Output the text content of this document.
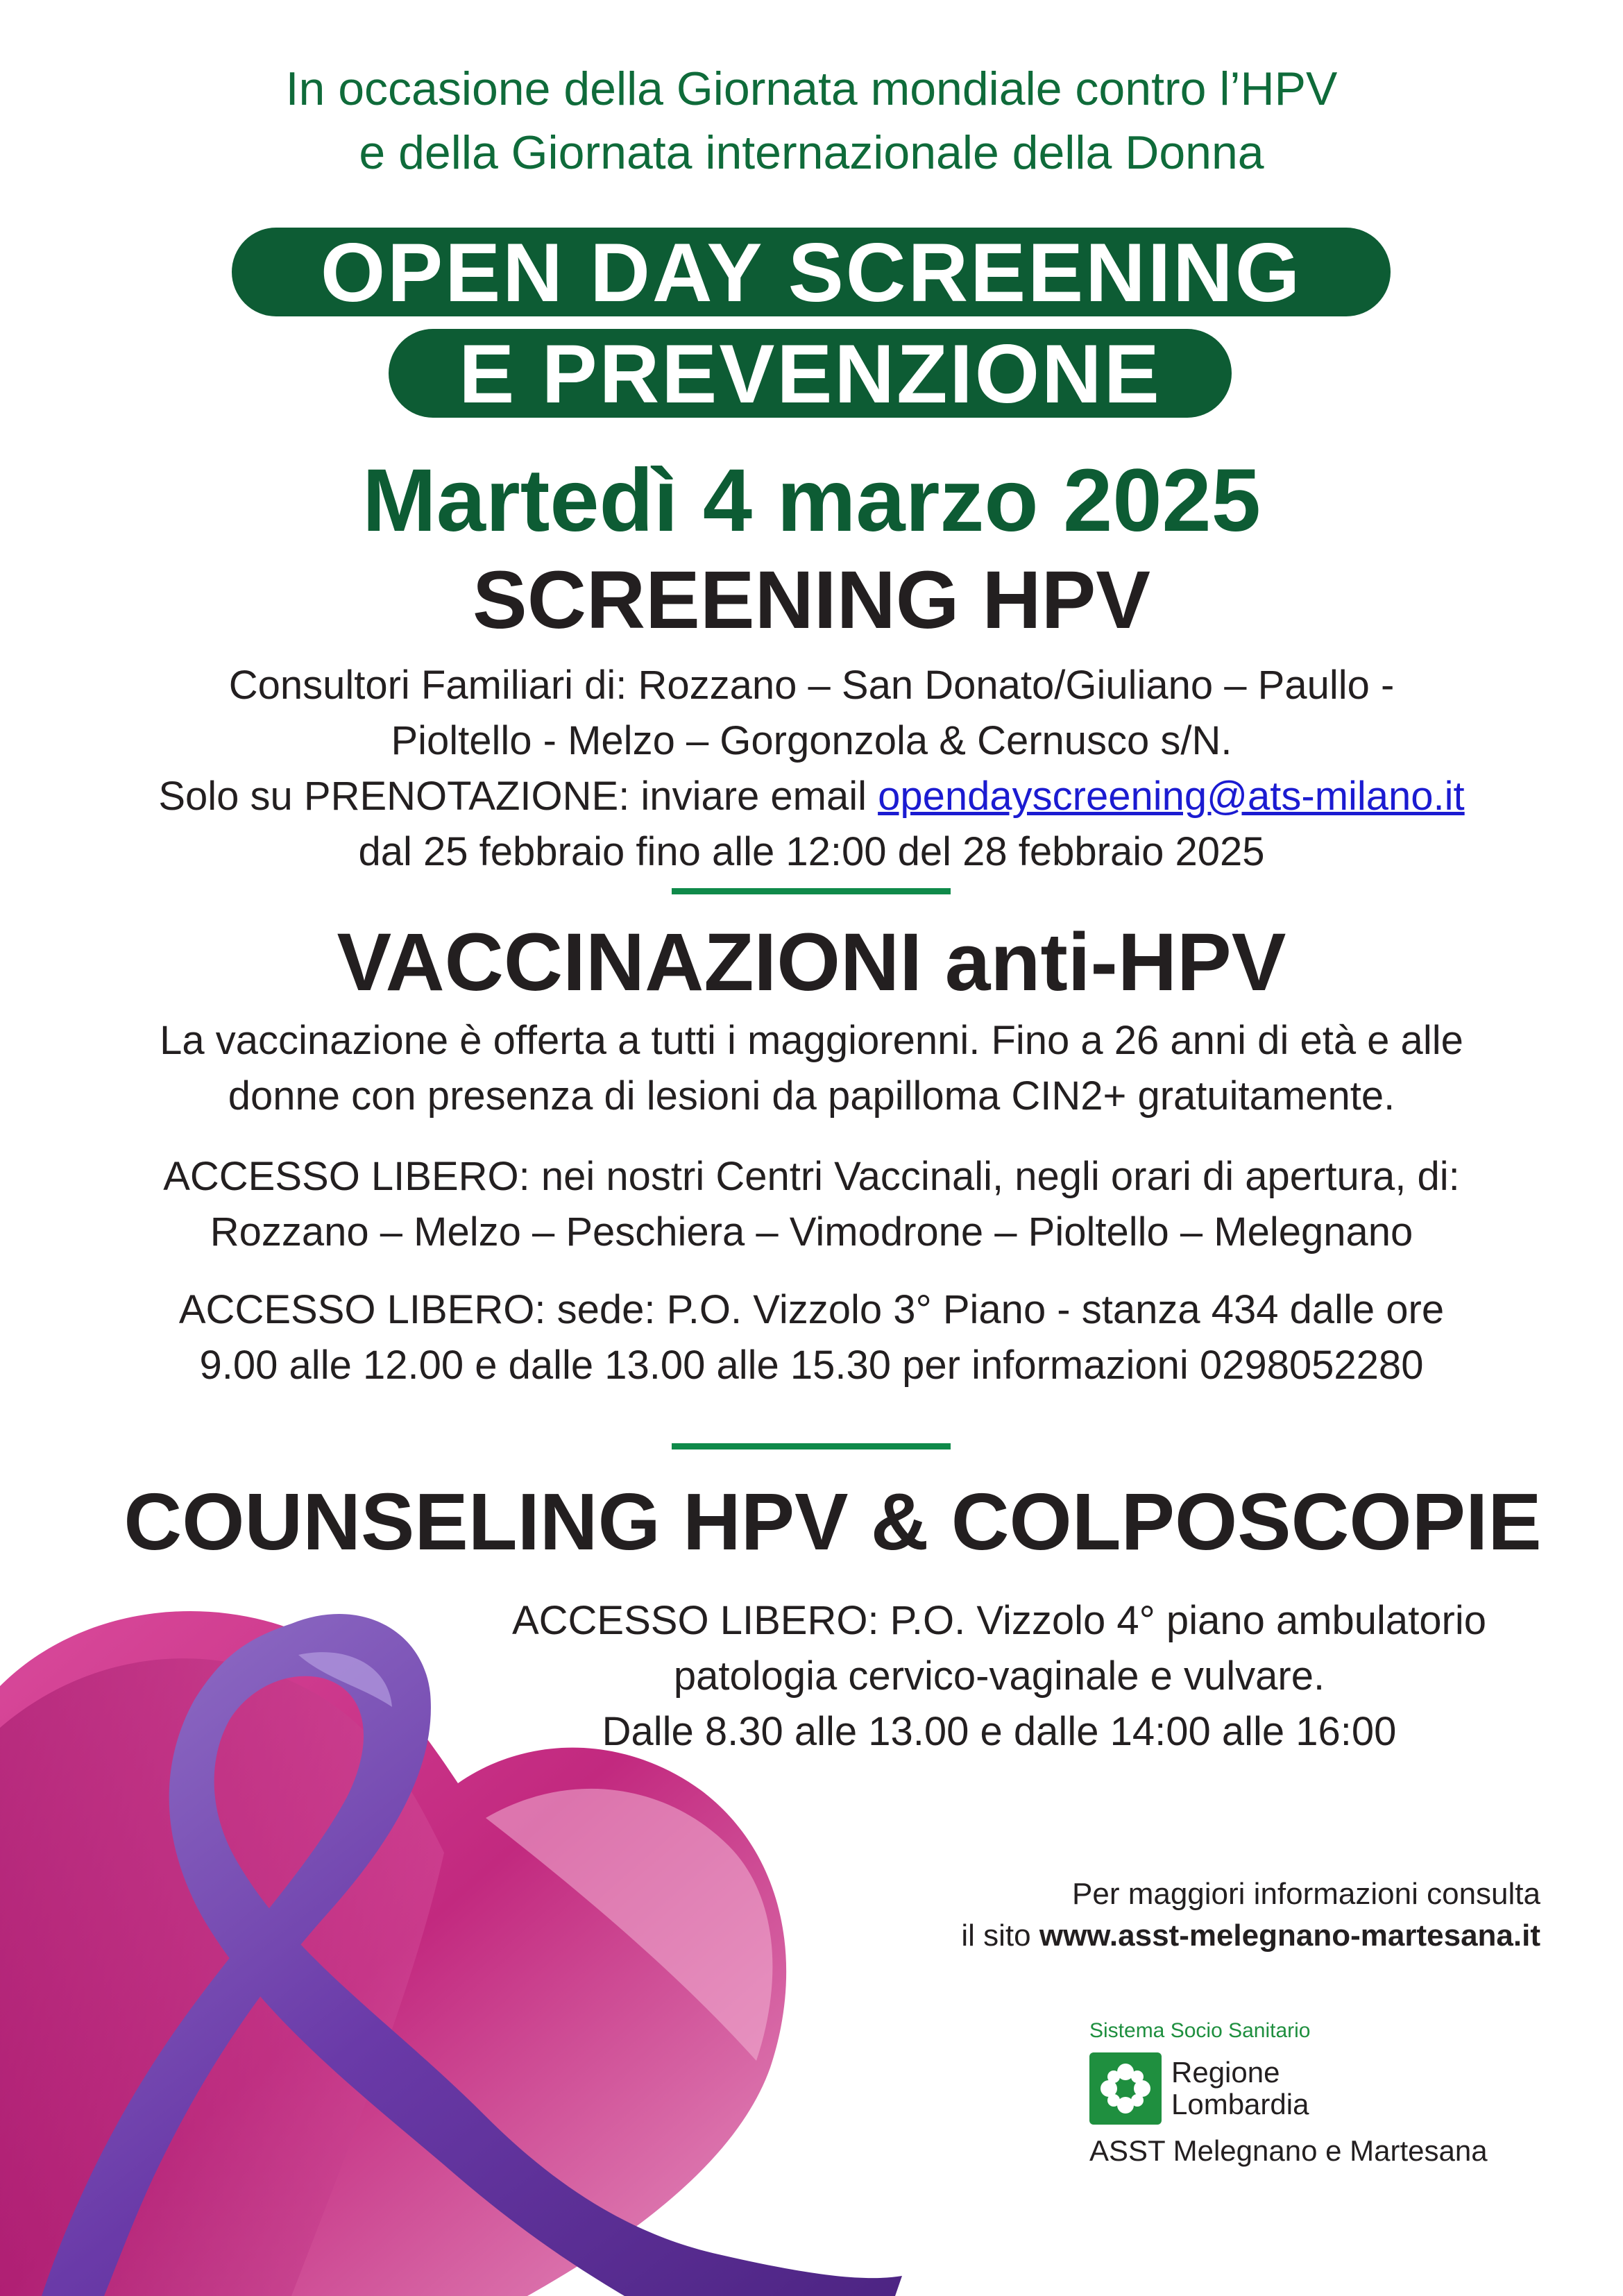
In occasione della Giornata mondiale contro l’HPV
e della Giornata internazionale della Donna
OPEN DAY SCREENING
E PREVENZIONE
Martedì 4 marzo 2025
SCREENING HPV
Consultori Familiari di: Rozzano – San Donato/Giuliano – Paullo -
Pioltello - Melzo – Gorgonzola & Cernusco s/N.
Solo su PRENOTAZIONE: inviare email opendayscreening@ats-milano.it
dal 25 febbraio fino alle 12:00 del 28 febbraio 2025
VACCINAZIONI anti-HPV
La vaccinazione è offerta a tutti i maggiorenni. Fino a 26 anni di età e alle
donne con presenza di lesioni da papilloma CIN2+ gratuitamente.
ACCESSO LIBERO: nei nostri Centri Vaccinali, negli orari di apertura, di:
Rozzano – Melzo – Peschiera – Vimodrone – Pioltello – Melegnano
ACCESSO LIBERO: sede: P.O. Vizzolo 3° Piano - stanza 434 dalle ore
9.00 alle 12.00 e dalle 13.00 alle 15.30 per informazioni 0298052280
COUNSELING HPV & COLPOSCOPIE
ACCESSO LIBERO: P.O. Vizzolo 4° piano ambulatorio
patologia cervico-vaginale e vulvare.
Dalle 8.30 alle 13.00 e dalle 14:00 alle 16:00
Per maggiori informazioni consulta
il sito www.asst-melegnano-martesana.it
Sistema Socio Sanitario
Regione
Lombardia
ASST Melegnano e Martesana
